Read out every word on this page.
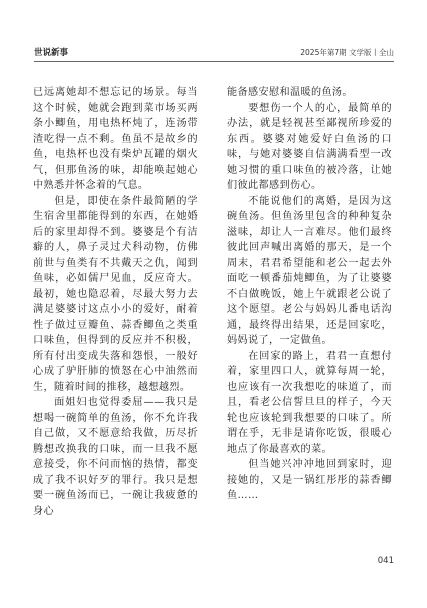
世说新事	2025年第7期 文学版丨全山

已远离她却不想忘记的场景。每当这个时候，她就会跑到菜市场买两条小鲫鱼，用电热杯炖了，连汤带渣吃得一点不剩。鱼虽不是故乡的鱼，电热杯也没有柴炉瓦罐的烟火气，但那鱼汤的味，却能唤起她心中熟悉并怀念着的气息。

但是，即使在条件最简陋的学生宿舍里都能得到的东西，在她婚后的家里却得不到。婆婆是个有洁癖的人，鼻子灵过犬科动物，仿佛前世与鱼类有不共戴天之仇，闻到鱼味，必如儒尸见血，反应奇大。最初，她也隐忍着，尽最大努力去满足婆婆讨这点小小的爱好，耐着性子做过豆瓣鱼、蒜香鲫鱼之类重口味鱼，但得到的反应并不积极，所有付出变成失落和怨恨，一般好心成了驴肝肺的愤怒在心中油然而生，随着时间的推移，越想越烈。

面姐妇也觉得委屈——我只是想喝一碗简单的鱼汤，你不允许我自己做，又不愿意给我做，历尽折腾想改换我的口味，而一旦我不愿意接受，你不问而恼的热情，都变成了我不识好歹的罪行。我只是想要一碗鱼汤而已，一碗让我疲惫的身心

能备感安慰和温暖的鱼汤。

要想伤一个人的心，最简单的办法，就是轻视甚至鄙视所珍爱的东西。婆婆对她爱好白鱼汤的口味，与她对婆婆自信满满看型一改她习惯的重口味鱼的被冷落，让她们彼此都感到伤心。

不能说他们的离婚，是因为这碗鱼汤。但鱼汤里包含的种种复杂滋味，却让人一言难尽。他们最终彼此回声喊出离婚的那天，是一个周末，君君希望能和老公一起去外面吃一顿番茄炖鲫鱼，为了让婆婆不白做晚饭，她上午就跟老公说了这个愿望。老公与妈妈儿番电话沟通，最终得出结果，还是回家吃，妈妈说了，一定做鱼。

在回家的路上，君君一直想付着，家里四口人，就算每周一轮，也应该有一次我想吃的味道了，而且，看老公信誓旦旦的样子，今天轮也应该轮到我想要的口味了。所谓在乎，无非是请你吃饭，很暖心地点了你最喜欢的菜。

但当她兴冲冲地回到家时，迎接她的，又是一锅红彤彤的蒜香鲫鱼……

041
